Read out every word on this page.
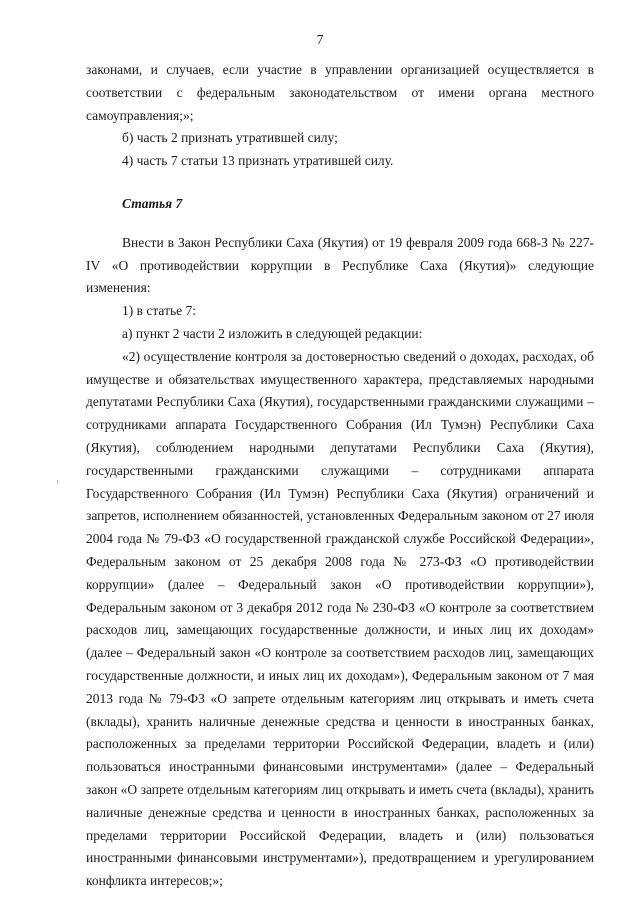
7

законами, и случаев, если участие в управлении организацией осуществляется в соответствии с федеральным законодательством от имени органа местного самоуправления;»;

б) часть 2 признать утратившей силу;

4) часть 7 статьи 13 признать утратившей силу.

Статья 7

Внести в Закон Республики Саха (Якутия) от 19 февраля 2009 года 668-З № 227-IV «О противодействии коррупции в Республике Саха (Якутия)» следующие изменения:

1) в статье 7:

а) пункт 2 части 2 изложить в следующей редакции:

«2) осуществление контроля за достоверностью сведений о доходах, расходах, об имуществе и обязательствах имущественного характера, представляемых народными депутатами Республики Саха (Якутия), государственными гражданскими служащими – сотрудниками аппарата Государственного Собрания (Ил Тумэн) Республики Саха (Якутия), соблюдением народными депутатами Республики Саха (Якутия), государственными гражданскими служащими – сотрудниками аппарата Государственного Собрания (Ил Тумэн) Республики Саха (Якутия) ограничений и запретов, исполнением обязанностей, установленных Федеральным законом от 27 июля 2004 года № 79-ФЗ «О государственной гражданской службе Российской Федерации», Федеральным законом от 25 декабря 2008 года № 273-ФЗ «О противодействии коррупции» (далее – Федеральный закон «О противодействии коррупции»), Федеральным законом от 3 декабря 2012 года № 230-ФЗ «О контроле за соответствием расходов лиц, замещающих государственные должности, и иных лиц их доходам» (далее – Федеральный закон «О контроле за соответствием расходов лиц, замещающих государственные должности, и иных лиц их доходам»), Федеральным законом от 7 мая 2013 года № 79-ФЗ «О запрете отдельным категориям лиц открывать и иметь счета (вклады), хранить наличные денежные средства и ценности в иностранных банках, расположенных за пределами территории Российской Федерации, владеть и (или) пользоваться иностранными финансовыми инструментами» (далее – Федеральный закон «О запрете отдельным категориям лиц открывать и иметь счета (вклады), хранить наличные денежные средства и ценности в иностранных банках, расположенных за пределами территории Российской Федерации, владеть и (или) пользоваться иностранными финансовыми инструментами»), предотвращением и урегулированием конфликта интересов;»;
